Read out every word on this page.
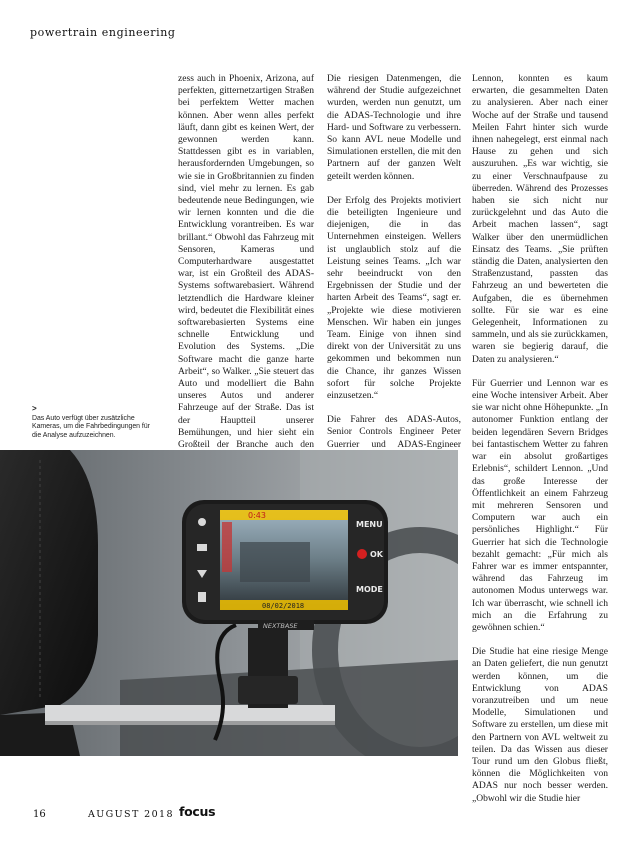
powertrain engineering

zess auch in Phoenix, Arizona, auf perfekten, gitternetzartigen Straßen bei perfektem Wetter machen können. Aber wenn alles perfekt läuft, dann gibt es keinen Wert, der gewonnen werden kann. Stattdessen gibt es in variablen, herausfordernden Umgebungen, so wie sie in Großbritannien zu finden sind, viel mehr zu lernen. Es gab bedeutende neue Bedingungen, wie wir lernen konnten und die die Entwicklung vorantreiben. Es war brillant.“ Obwohl das Fahrzeug mit Sensoren, Kameras und Computerhardware ausgestattet war, ist ein Großteil des ADAS-Systems softwarebasiert. Während letztendlich die Hardware kleiner wird, bedeutet die Flexibilität eines softwarebasierten Systems eine schnelle Entwicklung und Evolution des Systems. „Die Software macht die ganze harte Arbeit“, so Walker. „Sie steuert das Auto und modelliert die Bahn unseres Autos und anderer Fahrzeuge auf der Straße. Das ist der Hauptteil unserer Bemühungen, und hier sieht ein Großteil der Branche auch den

Die riesigen Datenmengen, die während der Studie aufgezeichnet wurden, werden nun genutzt, um die ADAS-Technologie und ihre Hard- und Software zu verbessern. So kann AVL neue Modelle und Simulationen erstellen, die mit den Partnern auf der ganzen Welt geteilt werden können.

Der Erfolg des Projekts motiviert die beteiligten Ingenieure und diejenigen, die in das Unternehmen einsteigen. Wellers ist unglaublich stolz auf die Leistung seines Teams. „Ich war sehr beeindruckt von den Ergebnissen der Studie und der harten Arbeit des Teams“, sagt er. „Projekte wie diese motivieren Menschen. Wir haben ein junges Team. Einige von ihnen sind direkt von der Universität zu uns gekommen und bekommen nun die Chance, ihr ganzes Wissen sofort für solche Projekte einzusetzen.“

Die Fahrer des ADAS-Autos, Senior Controls Engineer Peter Guerrier und ADAS-Engineer

Lennon, konnten es kaum erwarten, die gesammelten Daten zu analysieren. Aber nach einer Woche auf der Straße und tausend Meilen Fahrt hinter sich wurde ihnen nahegelegt, erst einmal nach Hause zu gehen und sich auszuruhen. „Es war wichtig, sie zu einer Verschnaufpause zu überreden. Während des Prozesses haben sie sich nicht nur zurückgelehnt und das Auto die Arbeit machen lassen“, sagt Walker über den unermüdlichen Einsatz des Teams. „Sie prüften ständig die Daten, analysierten den Straßenzustand, passten das Fahrzeug an und bewerteten die Aufgaben, die es übernehmen sollte. Für sie war es eine Gelegenheit, Informationen zu sammeln, und als sie zurückkamen, waren sie begierig darauf, die Daten zu analysieren.“

Für Guerrier und Lennon war es eine Woche intensiver Arbeit. Aber sie war nicht ohne Höhepunkte. „In autonomer Funktion entlang der beiden legendären Severn Bridges bei fantastischem Wetter zu fahren war ein absolut großartiges Erlebnis“, schildert Lennon. „Und das große Interesse der Öffentlichkeit an einem Fahrzeug mit mehreren Sensoren und Computern war auch ein persönliches Highlight.“ Für Guerrier hat sich die Technologie bezahlt gemacht: „Für mich als Fahrer war es immer entspannter, während das Fahrzeug im autonomen Modus unterwegs war. Ich war überrascht, wie schnell ich mich an die Erfahrung zu gewöhnen schien.“

Die Studie hat eine riesige Menge an Daten geliefert, die nun genutzt werden können, um die Entwicklung von ADAS voranzutreiben und um neue Modelle, Simulationen und Software zu erstellen, um diese mit den Partnern von AVL weltweit zu teilen. Da das Wissen aus dieser Tour rund um den Globus fließt, können die Möglichkeiten von ADAS nur noch besser werden. „Obwohl wir die Studie hier

>
Das Auto verfügt über zusätzliche Kameras, um die Fahrbedingungen für die Analyse aufzuzeichnen.
0:43
08/02/2018
MENU
OK
MODE
NEXTBASE
16	AUGUST 2018 focus
